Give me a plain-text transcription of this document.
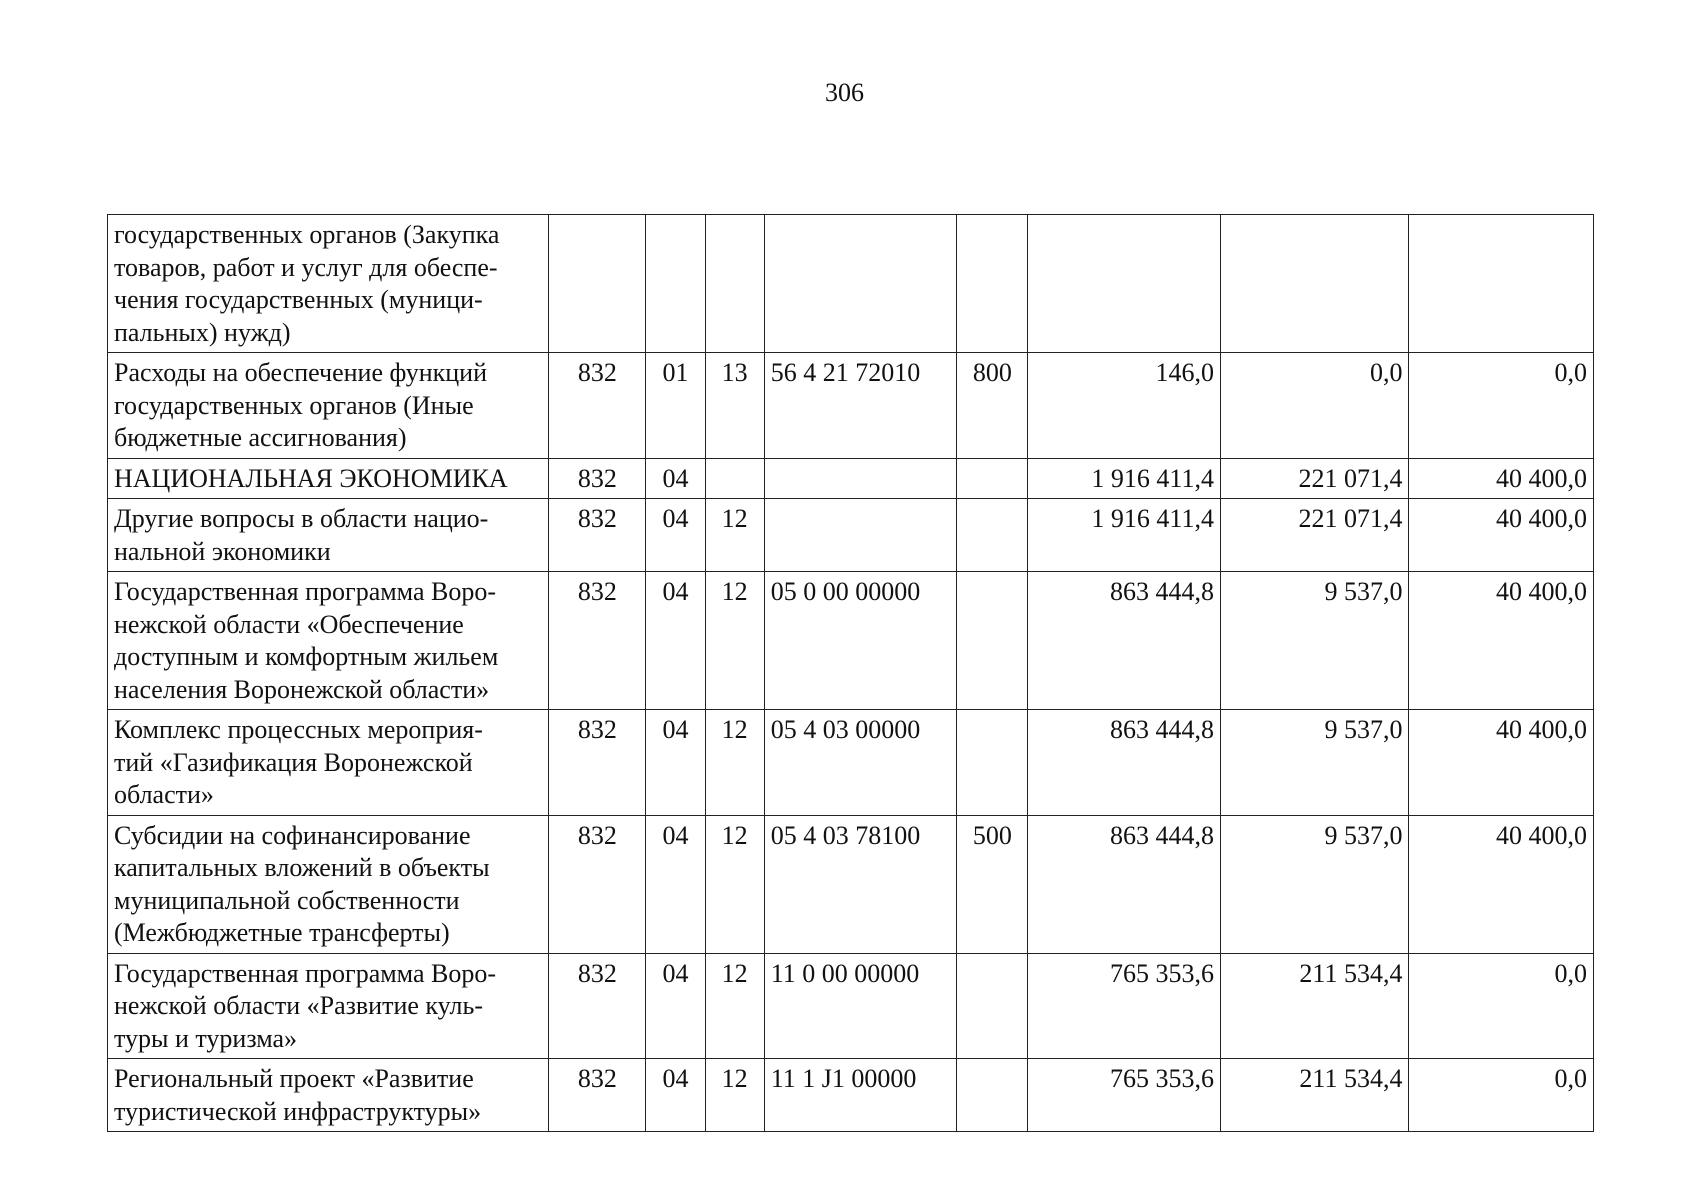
306
государственных органов (Закупка
товаров, работ и услуг для обеспе-
чения государственных (муници-
пальных) нужд)								
Расходы на обеспечение функций
государственных органов (Иные
бюджетные ассигнования)	832	01	13	56 4 21 72010	800	146,0	0,0	0,0
НАЦИОНАЛЬНАЯ ЭКОНОМИКА	832	04				1 916 411,4	221 071,4	40 400,0
Другие вопросы в области нацио-
нальной экономики	832	04	12			1 916 411,4	221 071,4	40 400,0
Государственная программа Воро-
нежской области «Обеспечение
доступным и комфортным жильем
населения Воронежской области»	832	04	12	05 0 00 00000		863 444,8	9 537,0	40 400,0
Комплекс процессных мероприя-
тий «Газификация Воронежской
области»	832	04	12	05 4 03 00000		863 444,8	9 537,0	40 400,0
Субсидии на софинансирование
капитальных вложений в объекты
муниципальной собственности
(Межбюджетные трансферты)	832	04	12	05 4 03 78100	500	863 444,8	9 537,0	40 400,0
Государственная программа Воро-
нежской области «Развитие куль-
туры и туризма»	832	04	12	11 0 00 00000		765 353,6	211 534,4	0,0
Региональный проект «Развитие
туристической инфраструктуры»	832	04	12	11 1 J1 00000		765 353,6	211 534,4	0,0
